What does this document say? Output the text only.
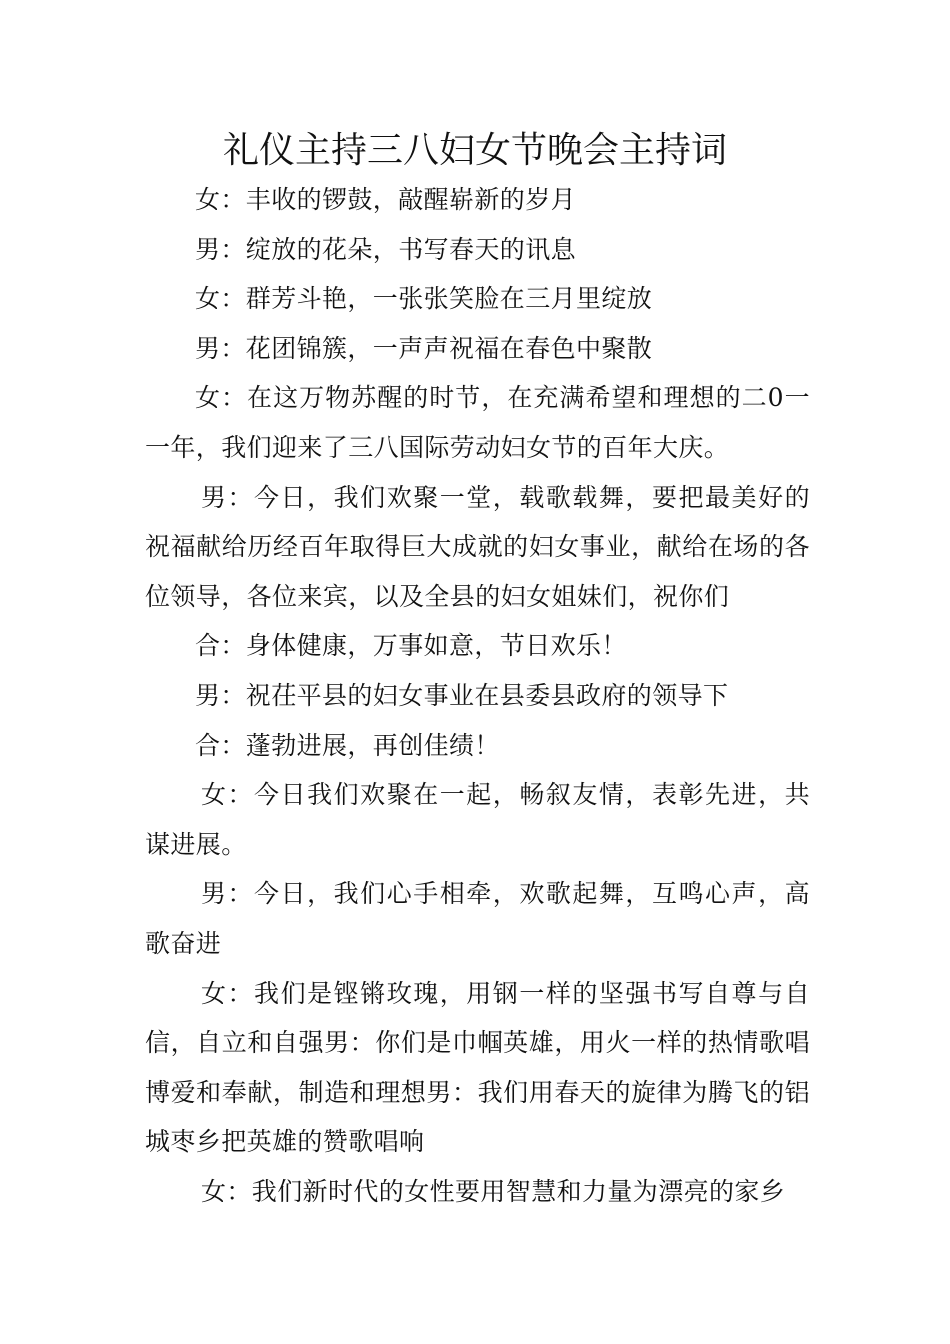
礼仪主持三八妇女节晚会主持词

女：丰收的锣鼓，敲醒崭新的岁月

男：绽放的花朵，书写春天的讯息

女：群芳斗艳，一张张笑脸在三月里绽放

男：花团锦簇，一声声祝福在春色中聚散

女：在这万物苏醒的时节，在充满希望和理想的二0一一年，我们迎来了三八国际劳动妇女节的百年大庆。

男：今日，我们欢聚一堂，载歌载舞，要把最美好的祝福献给历经百年取得巨大成就的妇女事业，献给在场的各位领导，各位来宾，以及全县的妇女姐妹们，祝你们

合：身体健康，万事如意，节日欢乐！

男：祝茌平县的妇女事业在县委县政府的领导下

合：蓬勃进展，再创佳绩！

女：今日我们欢聚在一起，畅叙友情，表彰先进，共谋进展。

男：今日，我们心手相牵，欢歌起舞，互鸣心声，高歌奋进

女：我们是铿锵玫瑰，用钢一样的坚强书写自尊与自信，自立和自强男：你们是巾帼英雄，用火一样的热情歌唱博爱和奉献，制造和理想男：我们用春天的旋律为腾飞的铝城枣乡把英雄的赞歌唱响

女：我们新时代的女性要用智慧和力量为漂亮的家乡
